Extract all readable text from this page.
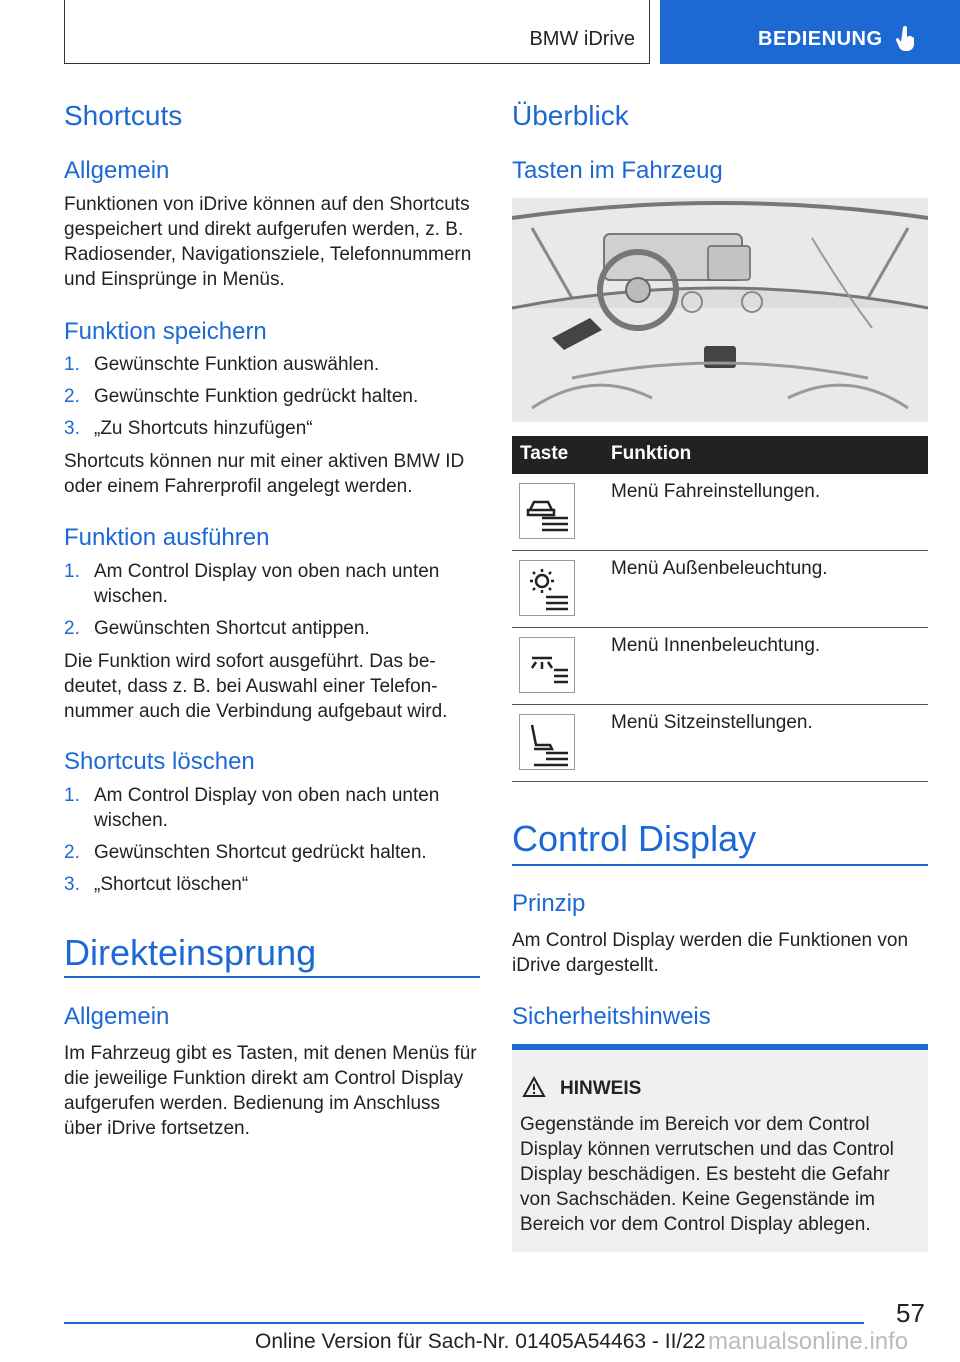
BMW iDrive	BEDIENUNG
Shortcuts
Allgemein
Funktionen von iDrive können auf den Shortcuts gespeichert und direkt aufgerufen werden, z. B. Radiosender, Navigationsziele, Telefonnummern und Einsprünge in Menüs.
Funktion speichern
1. Gewünschte Funktion auswählen.
2. Gewünschte Funktion gedrückt halten.
3. „Zu Shortcuts hinzufügen“
Shortcuts können nur mit einer aktiven BMW ID oder einem Fahrerprofil angelegt werden.
Funktion ausführen
1. Am Control Display von oben nach unten wischen.
2. Gewünschten Shortcut antippen.
Die Funktion wird sofort ausgeführt. Das bedeutet, dass z. B. bei Auswahl einer Telefonnummer auch die Verbindung aufgebaut wird.
Shortcuts löschen
1. Am Control Display von oben nach unten wischen.
2. Gewünschten Shortcut gedrückt halten.
3. „Shortcut löschen“
Direkteinsprung
Allgemein
Im Fahrzeug gibt es Tasten, mit denen Menüs für die jeweilige Funktion direkt am Control Display aufgerufen werden. Bedienung im Anschluss über iDrive fortsetzen.
Überblick
Tasten im Fahrzeug
Taste Funktion
Menü Fahreinstellungen.
Menü Außenbeleuchtung.
Menü Innenbeleuchtung.
Menü Sitzeinstellungen.
Control Display
Prinzip
Am Control Display werden die Funktionen von iDrive dargestellt.
Sicherheitshinweis
HINWEIS
Gegenstände im Bereich vor dem Control Display können verrutschen und das Control Display beschädigen. Es besteht die Gefahr von Sachschäden. Keine Gegenstände im Bereich vor dem Control Display ablegen.
57
Online Version für Sach-Nr. 01405A54463 - II/22 manualsonline.info
